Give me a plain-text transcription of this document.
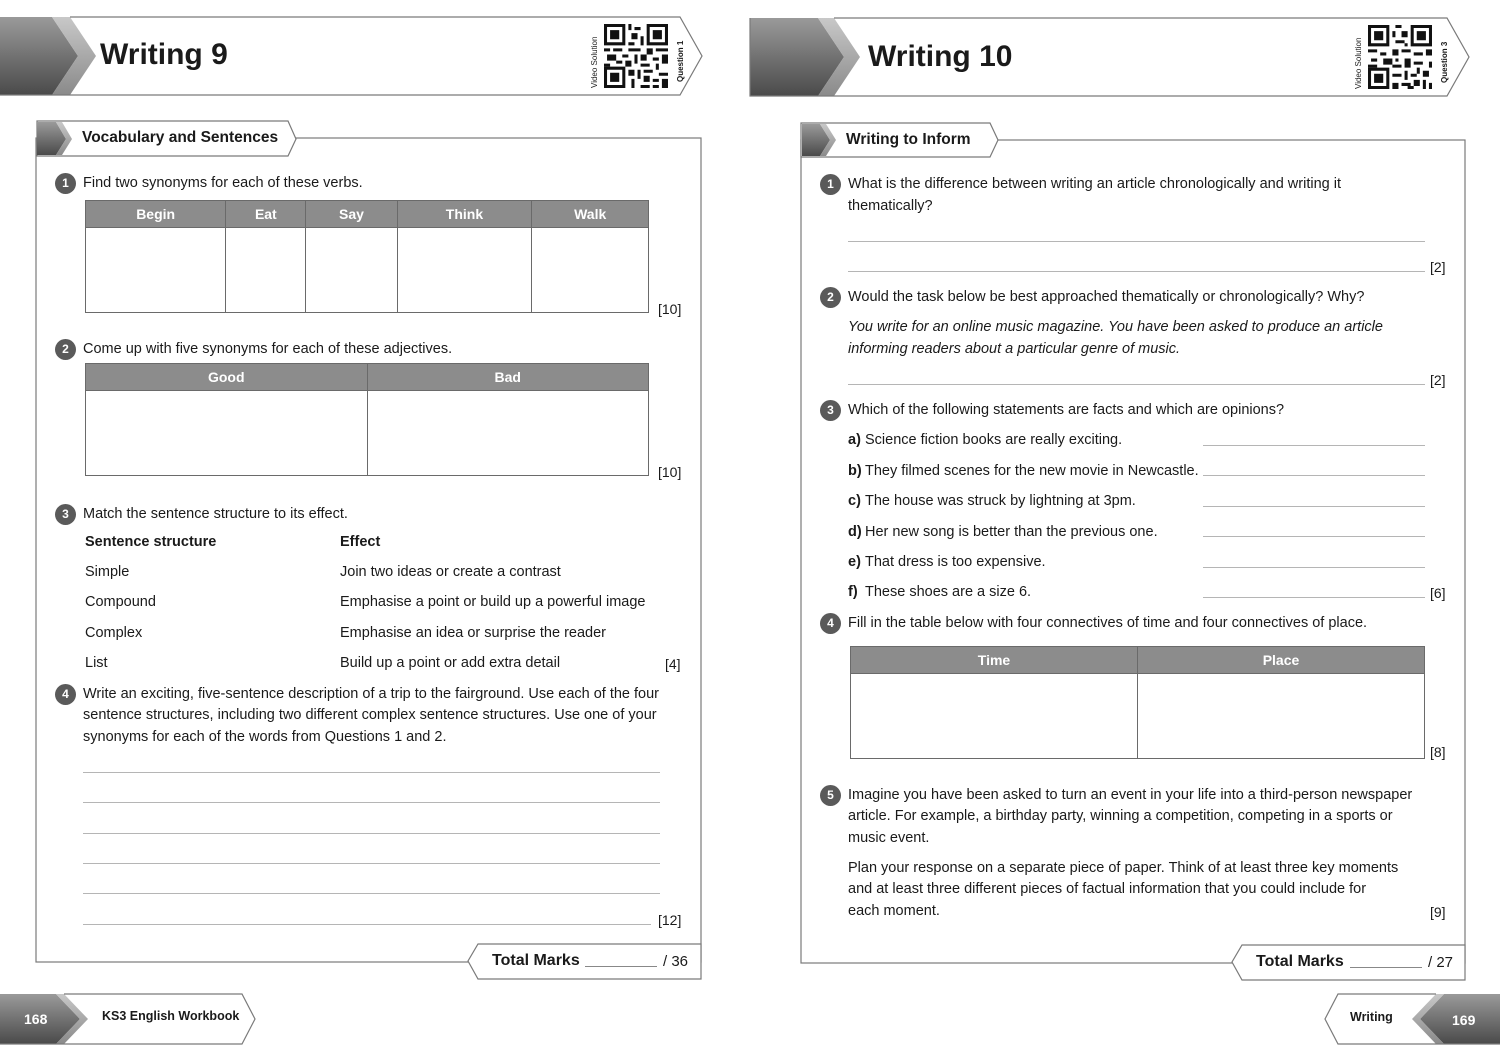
Writing 9	Video Solution	Question 1
Vocabulary and Sentences
1 Find two synonyms for each of these verbs.
Begin	Eat	Say	Think	Walk

[10]
2 Come up with five synonyms for each of these adjectives.
Good	Bad

[10]
3 Match the sentence structure to its effect.
Sentence structure	Effect
Simple	Join two ideas or create a contrast
Compound	Emphasise a point or build up a powerful image
Complex	Emphasise an idea or surprise the reader
List	Build up a point or add extra detail	[4]
4 Write an exciting, five-sentence description of a trip to the fairground. Use each of the four
sentence structures, including two different complex sentence structures. Use one of your
synonyms for each of the words from Questions 1 and 2.
[12]
Total Marks	/ 36
168	KS3 English Workbook
Writing 10	Video Solution	Question 3
Writing to Inform
1 What is the difference between writing an article chronologically and writing it
thematically?
[2]
2 Would the task below be best approached thematically or chronologically? Why?
You write for an online music magazine. You have been asked to produce an article
informing readers about a particular genre of music.
[2]
3 Which of the following statements are facts and which are opinions?
a) Science fiction books are really exciting.
b) They filmed scenes for the new movie in Newcastle.
c) The house was struck by lightning at 3pm.
d) Her new song is better than the previous one.
e) That dress is too expensive.
f) These shoes are a size 6.	[6]
4 Fill in the table below with four connectives of time and four connectives of place.
Time	Place

[8]
5 Imagine you have been asked to turn an event in your life into a third-person newspaper
article. For example, a birthday party, winning a competition, competing in a sports or
music event.
Plan your response on a separate piece of paper. Think of at least three key moments
and at least three different pieces of factual information that you could include for
each moment.	[9]
Total Marks	/ 27
Writing	169
